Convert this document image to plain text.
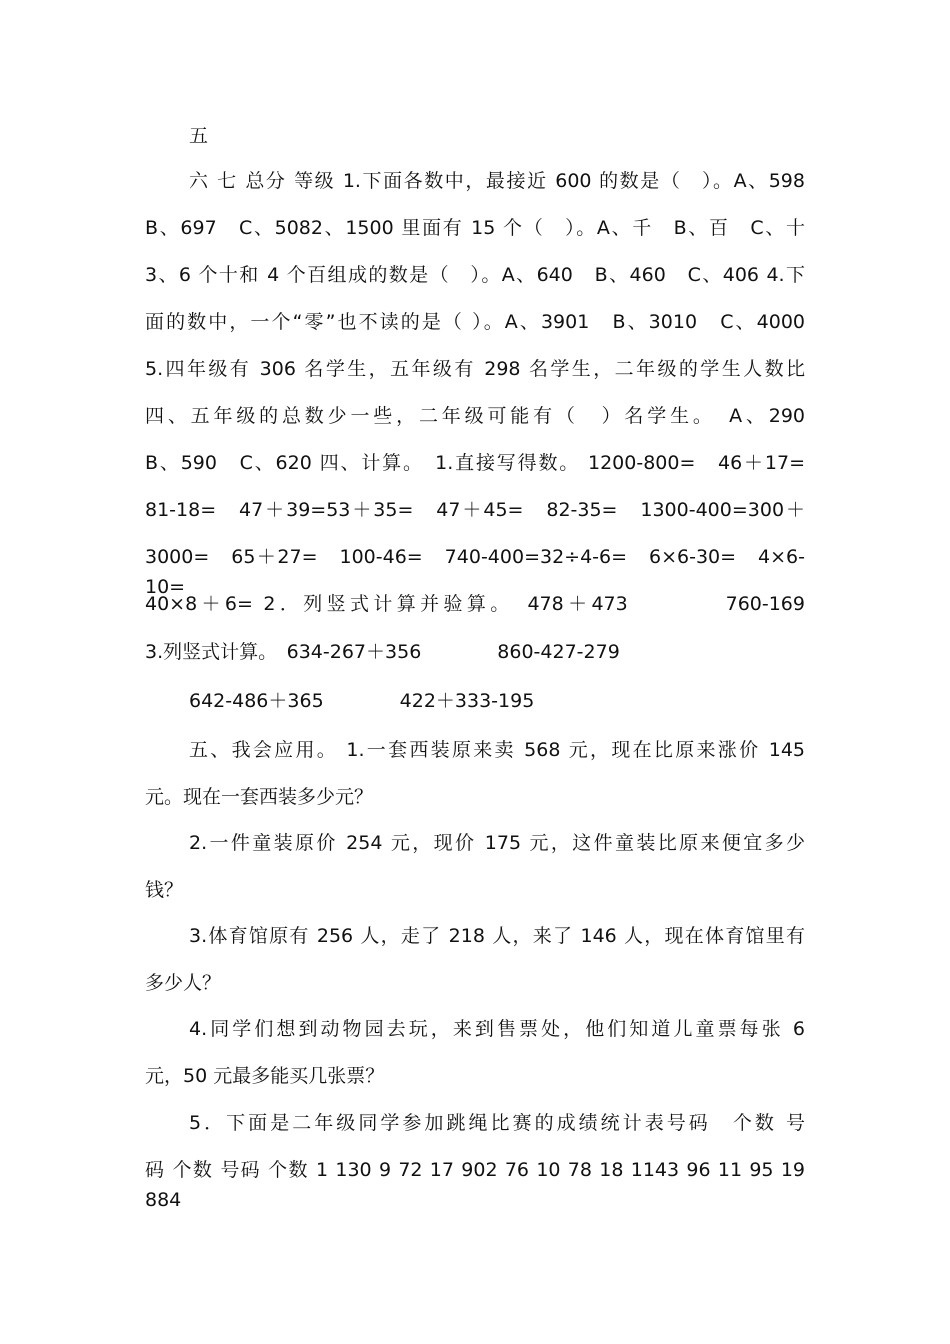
五
六 七 总分 等级 1.下面各数中，最接近 600 的数是（　）。A、598
B、697　C、5082、1500 里面有 15 个（　）。A、千　B、百　C、十
3、6 个十和 4 个百组成的数是（　）。A、640　B、460　C、406 4.下
面的数中，一个“零”也不读的是（ ）。A、3901　B、3010　C、4000
5.四年级有 306 名学生，五年级有 298 名学生，二年级的学生人数比
四、五年级的总数少一些，二年级可能有（　）名学生。　A、290
B、590　C、620 四、计算。　1.直接写得数。 1200-800=　46＋17=
81-18=　47＋39=53＋35=　47＋45=　82-35=　1300-400=300＋
3000=　65＋27=　100-46=　740-400=32÷4-6=　6×6-30=　4×6-10=
40×8＋6= 2．列竖式计算并验算。　478＋473　　　　760-169
3.列竖式计算。　634-267＋356　　　　860-427-279
642-486＋365　　　　422＋333-195
五、我会应用。 1.一套西装原来卖 568 元，现在比原来涨价 145
元。现在一套西装多少元？
2.一件童装原价 254 元，现价 175 元，这件童装比原来便宜多少
钱？
3.体育馆原有 256 人，走了 218 人，来了 146 人，现在体育馆里有
多少人？
4.同学们想到动物园去玩，来到售票处，他们知道儿童票每张 6
元，50 元最多能买几张票？
5．下面是二年级同学参加跳绳比赛的成绩统计表号码　个数 号
码 个数 号码 个数 1 130 9 72 17 902 76 10 78 18 1143 96 11 95 19 884
